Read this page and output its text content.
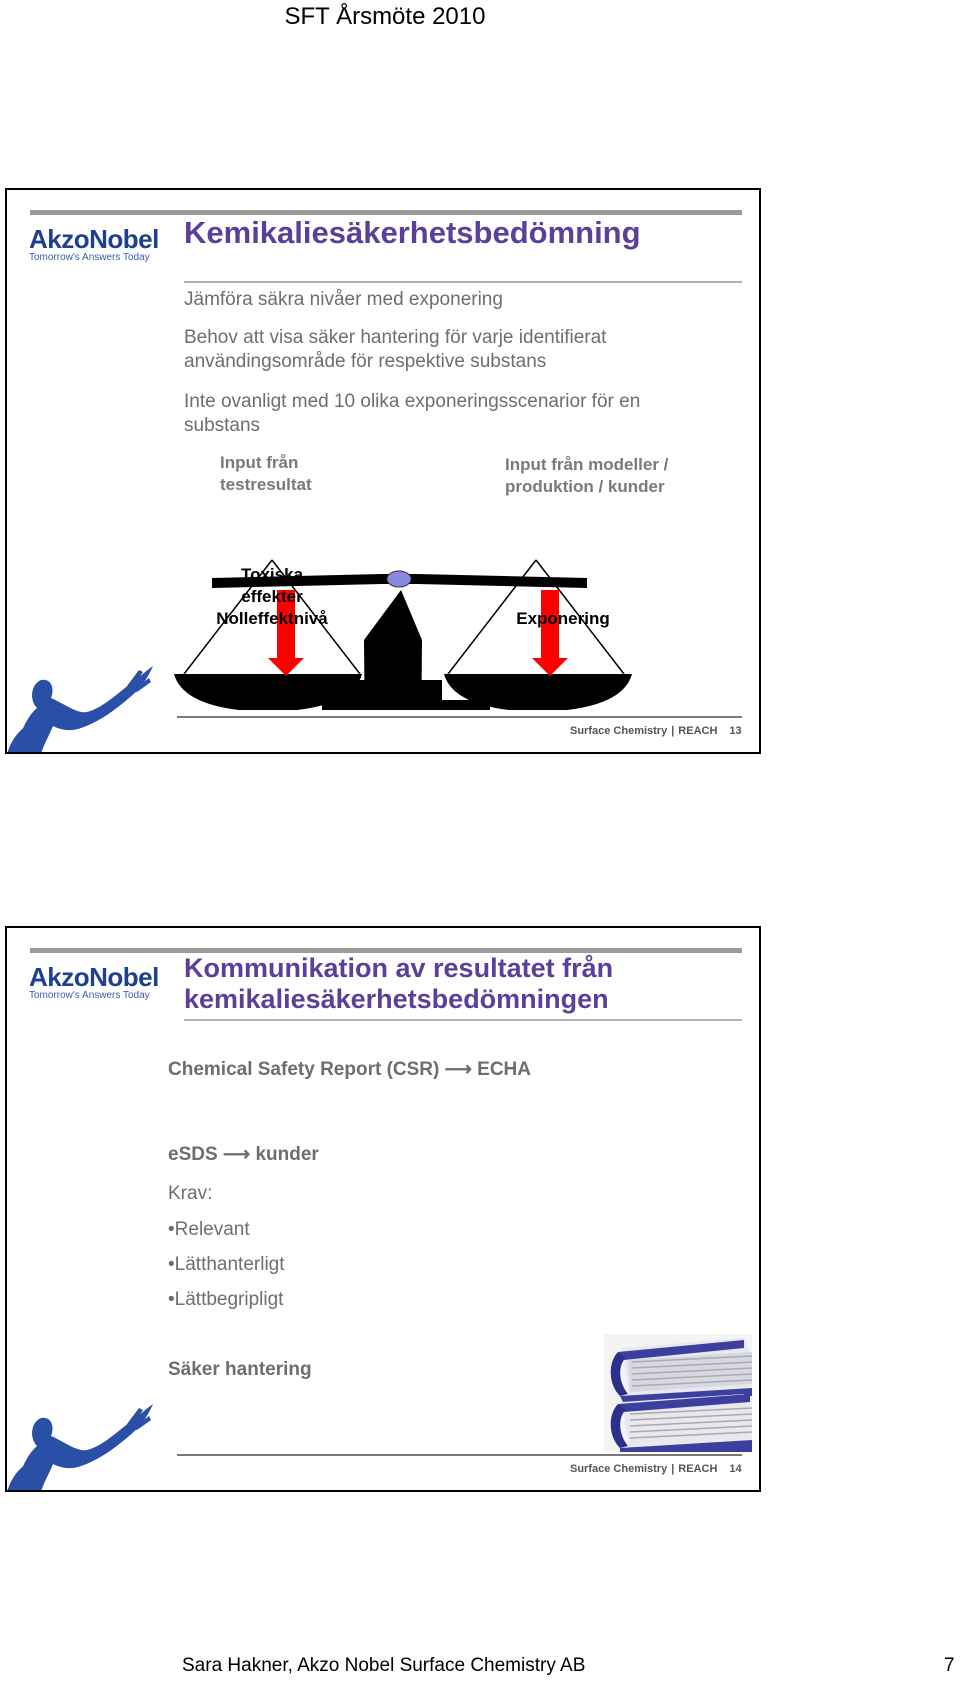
SFT Årsmöte 2010
AkzoNobel
Tomorrow's Answers Today
Kemikaliesäkerhetsbedömning
Jämföra säkra nivåer med exponering
Behov att visa säker hantering för varje identifierat
användingsområde för respektive substans
Inte ovanligt med 10 olika exponeringsscenarior för en
substans
Input från
testresultat
Input från modeller /
produktion / kunder
Toxiska
effekter
Nolleffektnivå	Exponering
Surface Chemistry | REACH 13
AkzoNobel
Tomorrow's Answers Today
Kommunikation av resultatet från
kemikaliesäkerhetsbedömningen
Chemical Safety Report (CSR) ⟶ ECHA
eSDS ⟶ kunder
Krav:
•Relevant
•Lätthanterligt
•Lättbegripligt
Säker hantering
Surface Chemistry | REACH 14
Sara Hakner, Akzo Nobel Surface Chemistry AB	7
